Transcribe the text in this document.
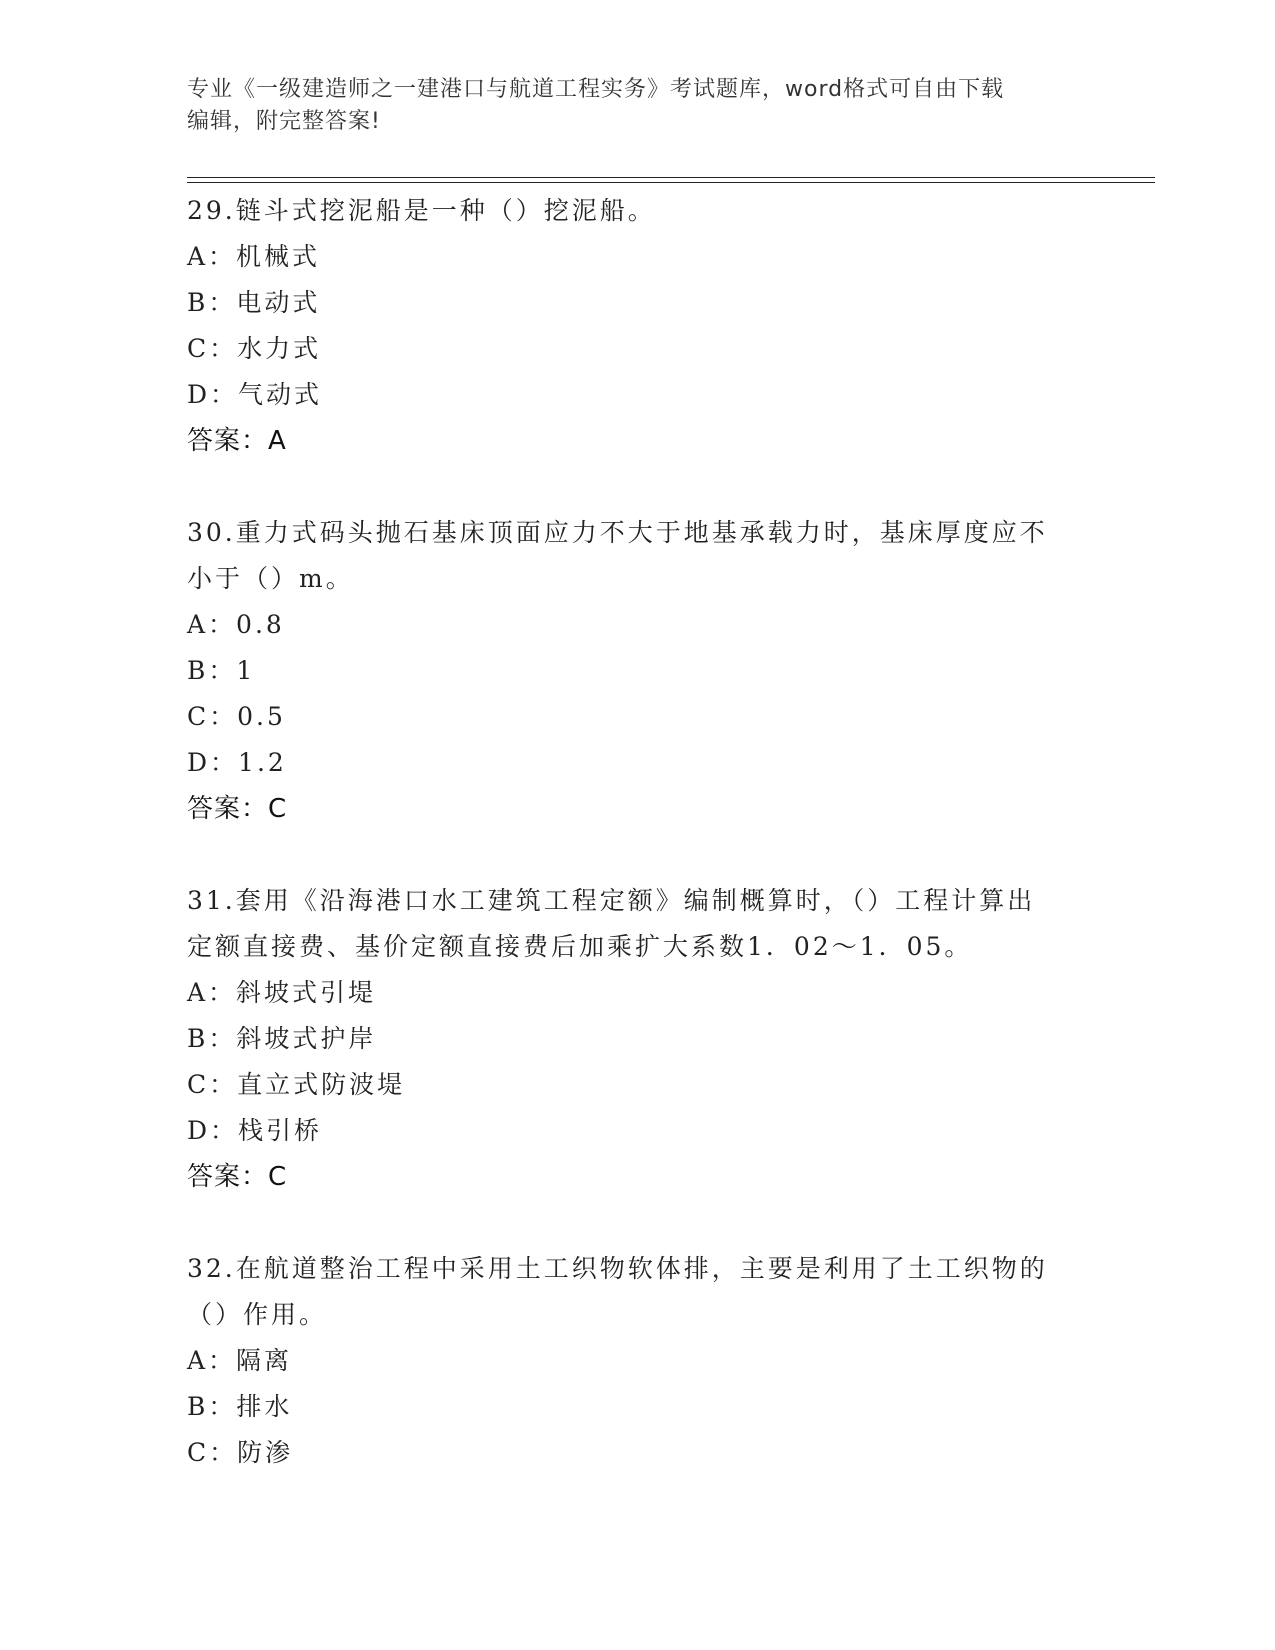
专业《一级建造师之一建港口与航道工程实务》考试题库，word格式可自由下载
编辑，附完整答案!
29.链斗式挖泥船是一种（）挖泥船。
A：机械式
B：电动式
C：水力式
D：气动式
答案：A
30.重力式码头抛石基床顶面应力不大于地基承载力时，基床厚度应不
小于（）m。
A：0.8
B：1
C：0.5
D：1.2
答案：C
31.套用《沿海港口水工建筑工程定额》编制概算时，（）工程计算出
定额直接费、基价定额直接费后加乘扩大系数1．02～1．05。
A：斜坡式引堤
B：斜坡式护岸
C：直立式防波堤
D：栈引桥
答案：C
32.在航道整治工程中采用土工织物软体排，主要是利用了土工织物的
（）作用。
A：隔离
B：排水
C：防渗
